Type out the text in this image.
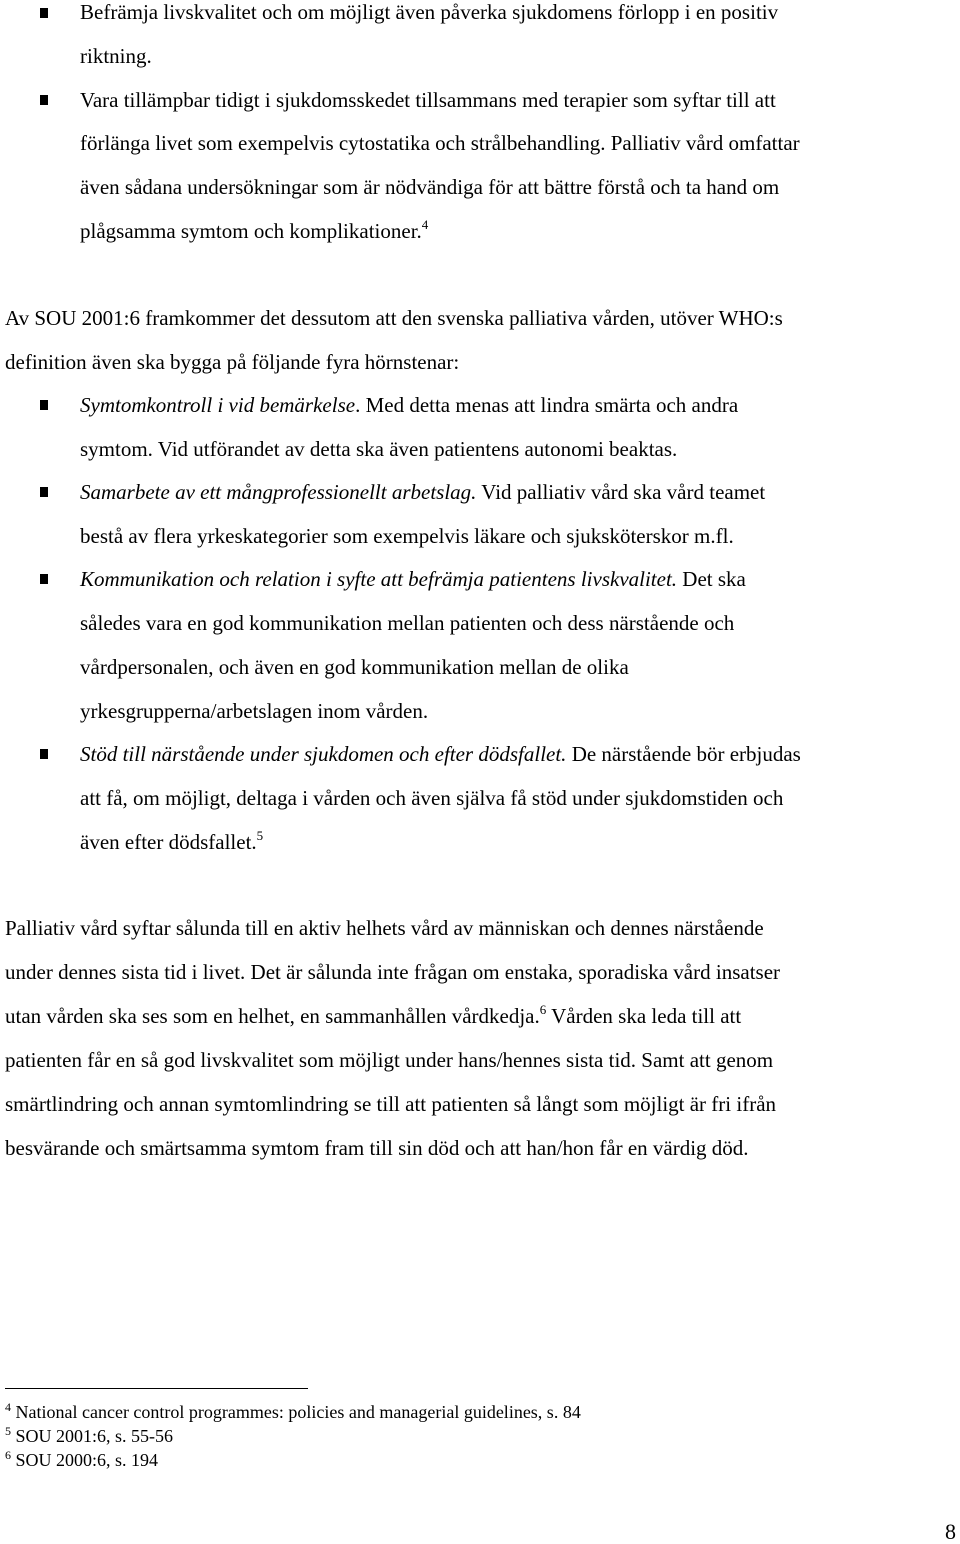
Befrämja livskvalitet och om möjligt även påverka sjukdomens förlopp i en positiv
riktning.
Vara tillämpbar tidigt i sjukdomsskedet tillsammans med terapier som syftar till att
förlänga livet som exempelvis cytostatika och strålbehandling. Palliativ vård omfattar
även sådana undersökningar som är nödvändiga för att bättre förstå och ta hand om
plågsamma symtom och komplikationer.$^4$
Av SOU 2001:6 framkommer det dessutom att den svenska palliativa vården, utöver WHO:s
definition även ska bygga på följande fyra hörnstenar:
Symtomkontroll i vid bemärkelse. Med detta menas att lindra smärta och andra
symtom. Vid utförandet av detta ska även patientens autonomi beaktas.
Samarbete av ett mångprofessionellt arbetslag. Vid palliativ vård ska vård teamet
bestå av flera yrkeskategorier som exempelvis läkare och sjuksköterskor m.fl.
Kommunikation och relation i syfte att befrämja patientens livskvalitet. Det ska
således vara en god kommunikation mellan patienten och dess närstående och
vårdpersonalen, och även en god kommunikation mellan de olika
yrkesgrupperna/arbetslagen inom vården.
Stöd till närstående under sjukdomen och efter dödsfallet. De närstående bör erbjudas
att få, om möjligt, deltaga i vården och även själva få stöd under sjukdomstiden och
även efter dödsfallet.$^5$
Palliativ vård syftar sålunda till en aktiv helhets vård av människan och dennes närstående
under dennes sista tid i livet. Det är sålunda inte frågan om enstaka, sporadiska vård insatser
utan vården ska ses som en helhet, en sammanhållen vårdkedja.$^6$ Vården ska leda till att
patienten får en så god livskvalitet som möjligt under hans/hennes sista tid. Samt att genom
smärtlindring och annan symtomlindring se till att patienten så långt som möjligt är fri ifrån
besvärande och smärtsamma symtom fram till sin död och att han/hon får en värdig död.
$^4$ National cancer control programmes: policies and managerial guidelines, s. 84
$^5$ SOU 2001:6, s. 55-56
$^6$ SOU 2000:6, s. 194
8
